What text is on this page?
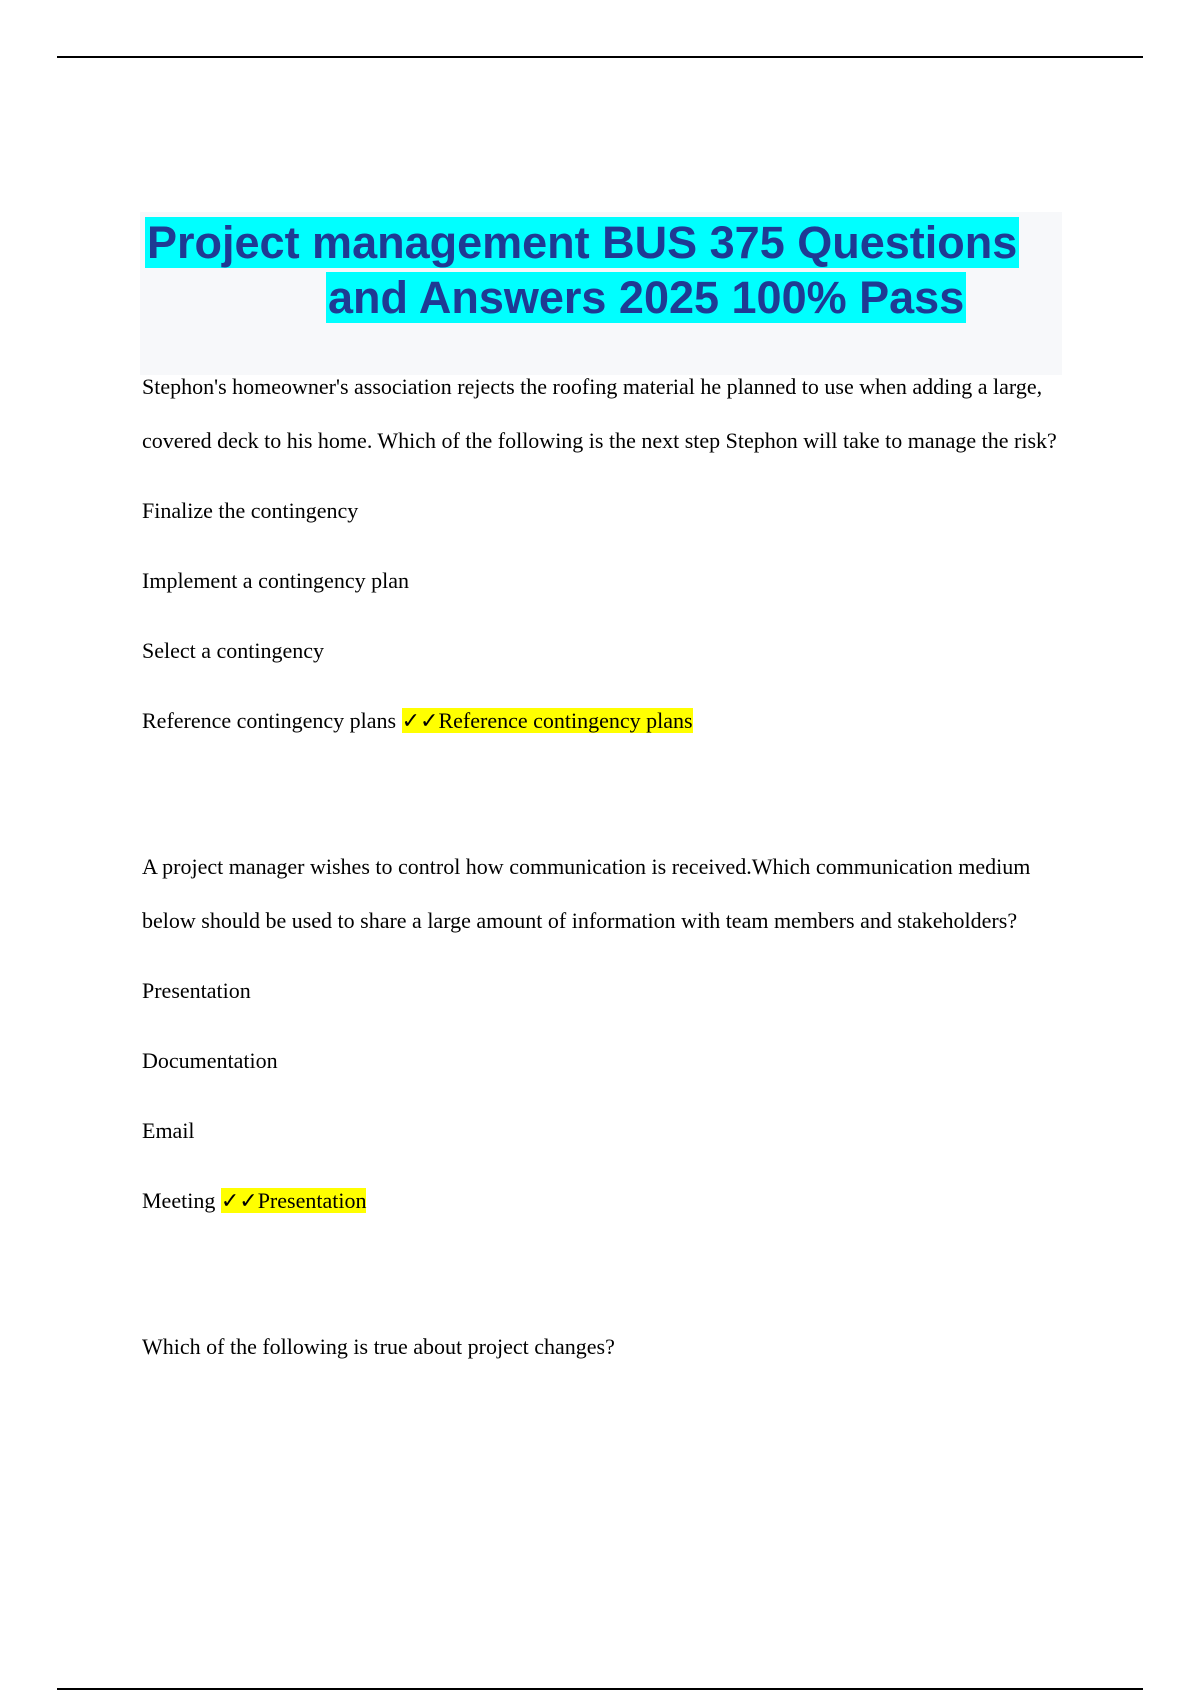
Project management BUS 375 Questions
and Answers 2025 100% Pass

Stephon's homeowner's association rejects the roofing material he planned to use when adding a large, covered deck to his home. Which of the following is the next step Stephon will take to manage the risk?

Finalize the contingency

Implement a contingency plan

Select a contingency

Reference contingency plans ✓✓Reference contingency plans

A project manager wishes to control how communication is received.Which communication medium below should be used to share a large amount of information with team members and stakeholders?

Presentation

Documentation

Email

Meeting ✓✓Presentation

Which of the following is true about project changes?
